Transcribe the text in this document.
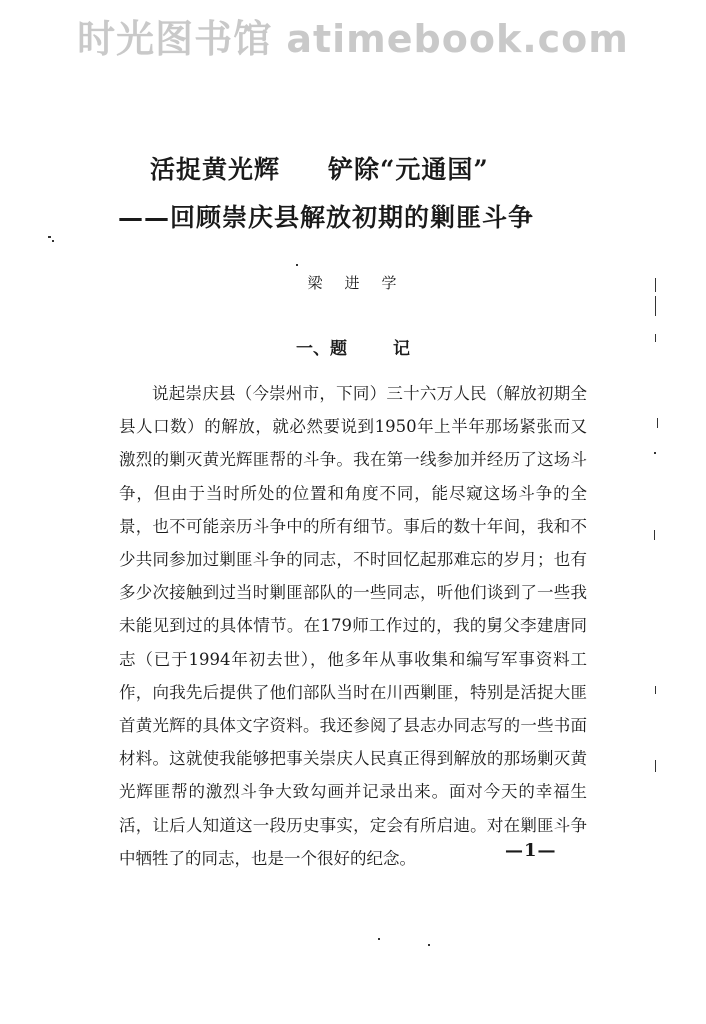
时光图书馆 atimebook.com
活捉黄光辉 铲除“元通国”
——回顾崇庆县解放初期的剿匪斗争
梁进学
一、题	记

说起崇庆县（今崇州市，下同）三十六万人民（解放初期全县人口数）的解放，就必然要说到1950年上半年那场紧张而又激烈的剿灭黄光辉匪帮的斗争。我在第一线参加并经历了这场斗争，但由于当时所处的位置和角度不同，能尽窥这场斗争的全景，也不可能亲历斗争中的所有细节。事后的数十年间，我和不少共同参加过剿匪斗争的同志，不时回忆起那难忘的岁月；也有多少次接触到过当时剿匪部队的一些同志，听他们谈到了一些我未能见到过的具体情节。在179师工作过的，我的舅父李建唐同志（已于1994年初去世），他多年从事收集和编写军事资料工作，向我先后提供了他们部队当时在川西剿匪，特别是活捉大匪首黄光辉的具体文字资料。我还参阅了县志办同志写的一些书面材料。这就使我能够把事关崇庆人民真正得到解放的那场剿灭黄光辉匪帮的激烈斗争大致勾画并记录出来。面对今天的幸福生活，让后人知道这一段历史事实，定会有所启迪。对在剿匪斗争中牺牲了的同志，也是一个很好的纪念。	—1—
